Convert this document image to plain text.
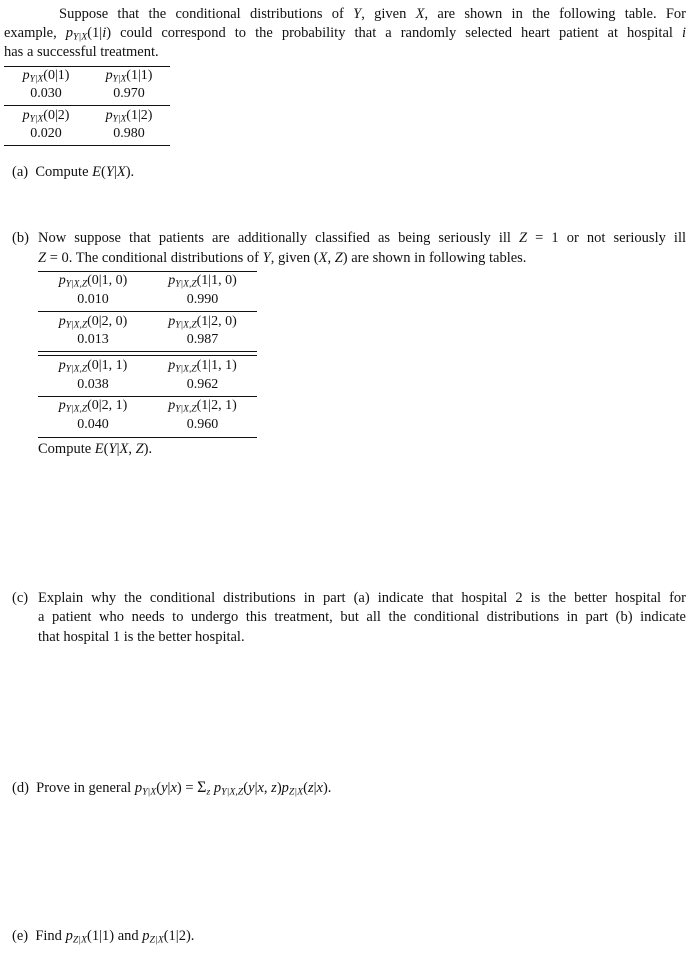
Suppose that the conditional distributions of Y, given X, are shown in the following table. For
example, $p_{Y|X}(1|i)$ could correspond to the probability that a randomly selected heart patient at hospital i
has a successful treatment.
$p_{Y|X}(0|1)$	$p_{Y|X}(1|1)$
0.030	0.970
$p_{Y|X}(0|2)$	$p_{Y|X}(1|2)$
0.020	0.980
(a)  Compute E(Y|X).
(b) Now suppose that patients are additionally classified as being seriously ill Z = 1 or not seriously ill
Z = 0. The conditional distributions of Y, given (X, Z) are shown in following tables.
$p_{Y|X,Z}(0|1$, 0)	$p_{Y|X,Z}(1|1$, 0)
0.010	0.990
$p_{Y|X,Z}(0|2$, 0)	$p_{Y|X,Z}(1|2$, 0)
0.013	0.987
$p_{Y|X,Z}(0|1$, 1)	$p_{Y|X,Z}(1|1$, 1)
0.038	0.962
$p_{Y|X,Z}(0|2$, 1)	$p_{Y|X,Z}(1|2$, 1)
0.040	0.960
Compute E(Y|X, Z).
(c) Explain why the conditional distributions in part (a) indicate that hospital 2 is the better hospital for
a patient who needs to undergo this treatment, but all the conditional distributions in part (b) indicate
that hospital 1 is the better hospital.
(d)  Prove in general $p_{Y|X}(y|x) = \Sigma_z$ $p_{Y|X,Z}(y|x$, $z)p_{Z|X}(z|x)$.
(e)  Find $p_{Z|X}(1|1)$ and $p_{Z|X}(1|2)$.
